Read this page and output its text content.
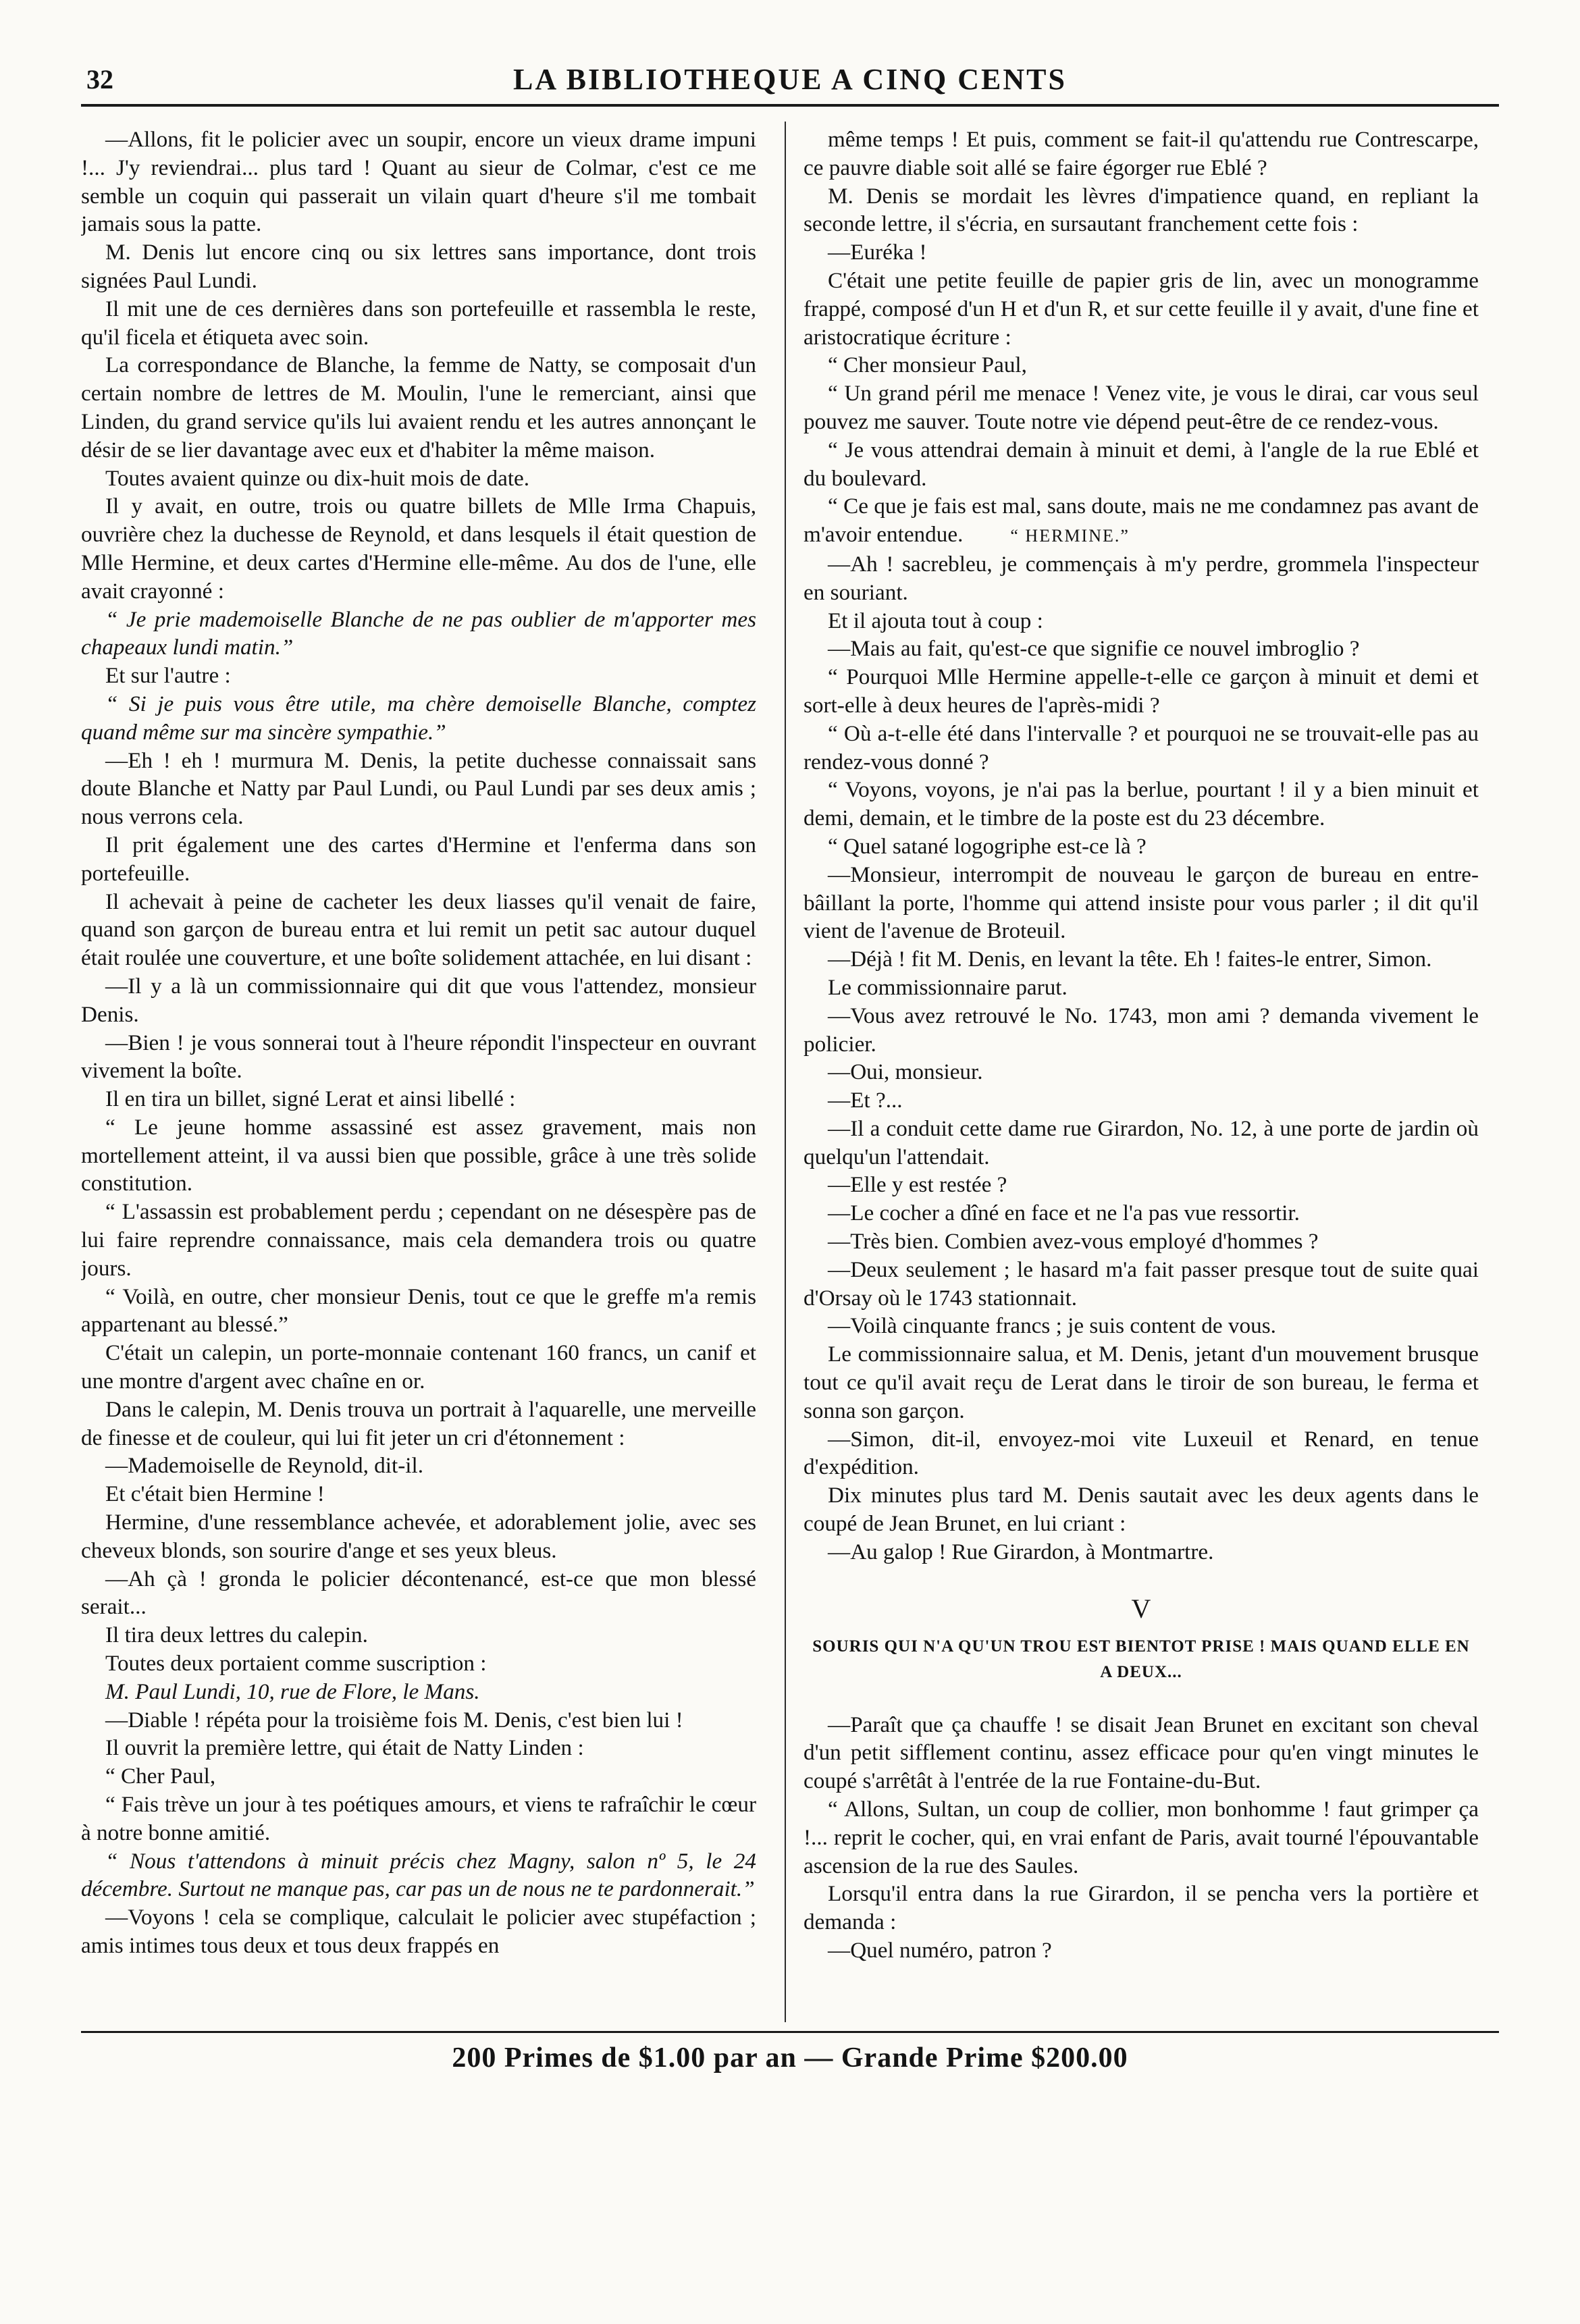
32	LA BIBLIOTHEQUE A CINQ CENTS

—Allons, fit le policier avec un soupir, encore un vieux drame impuni !... J'y reviendrai... plus tard ! Quant au sieur de Colmar, c'est ce me semble un coquin qui passerait un vilain quart d'heure s'il me tombait jamais sous la patte.

M. Denis lut encore cinq ou six lettres sans importance, dont trois signées Paul Lundi.

Il mit une de ces dernières dans son portefeuille et rassembla le reste, qu'il ficela et étiqueta avec soin.

La correspondance de Blanche, la femme de Natty, se composait d'un certain nombre de lettres de M. Moulin, l'une le remerciant, ainsi que Linden, du grand service qu'ils lui avaient rendu et les autres annonçant le désir de se lier davantage avec eux et d'habiter la même maison.

Toutes avaient quinze ou dix-huit mois de date.

Il y avait, en outre, trois ou quatre billets de Mlle Irma Chapuis, ouvrière chez la duchesse de Reynold, et dans lesquels il était question de Mlle Hermine, et deux cartes d'Hermine elle-même. Au dos de l'une, elle avait crayonné :

“ Je prie mademoiselle Blanche de ne pas oublier de m'apporter mes chapeaux lundi matin.”

Et sur l'autre :

“ Si je puis vous être utile, ma chère demoiselle Blanche, comptez quand même sur ma sincère sympathie.”

—Eh ! eh ! murmura M. Denis, la petite duchesse connaissait sans doute Blanche et Natty par Paul Lundi, ou Paul Lundi par ses deux amis ; nous verrons cela.

Il prit également une des cartes d'Hermine et l'enferma dans son portefeuille.

Il achevait à peine de cacheter les deux liasses qu'il venait de faire, quand son garçon de bureau entra et lui remit un petit sac autour duquel était roulée une couverture, et une boîte solidement attachée, en lui disant :

—Il y a là un commissionnaire qui dit que vous l'attendez, monsieur Denis.

—Bien ! je vous sonnerai tout à l'heure répondit l'inspecteur en ouvrant vivement la boîte.

Il en tira un billet, signé Lerat et ainsi libellé :

“ Le jeune homme assassiné est assez gravement, mais non mortellement atteint, il va aussi bien que possible, grâce à une très solide constitution.

“ L'assassin est probablement perdu ; cependant on ne désespère pas de lui faire reprendre connaissance, mais cela demandera trois ou quatre jours.

“ Voilà, en outre, cher monsieur Denis, tout ce que le greffe m'a remis appartenant au blessé.”

C'était un calepin, un porte-monnaie contenant 160 francs, un canif et une montre d'argent avec chaîne en or.

Dans le calepin, M. Denis trouva un portrait à l'aquarelle, une merveille de finesse et de couleur, qui lui fit jeter un cri d'étonnement :

—Mademoiselle de Reynold, dit-il.

Et c'était bien Hermine !

Hermine, d'une ressemblance achevée, et adorablement jolie, avec ses cheveux blonds, son sourire d'ange et ses yeux bleus.

—Ah çà ! gronda le policier décontenancé, est-ce que mon blessé serait...

Il tira deux lettres du calepin.

Toutes deux portaient comme suscription :

M. Paul Lundi, 10, rue de Flore, le Mans.

—Diable ! répéta pour la troisième fois M. Denis, c'est bien lui !

Il ouvrit la première lettre, qui était de Natty Linden :

“ Cher Paul,

“ Fais trève un jour à tes poétiques amours, et viens te rafraîchir le cœur à notre bonne amitié.

“ Nous t'attendons à minuit précis chez Magny, salon nº 5, le 24 décembre. Surtout ne manque pas, car pas un de nous ne te pardonnerait.”

—Voyons ! cela se complique, calculait le policier avec stupéfaction ; amis intimes tous deux et tous deux frappés en

même temps ! Et puis, comment se fait-il qu'attendu rue Contrescarpe, ce pauvre diable soit allé se faire égorger rue Eblé ?

M. Denis se mordait les lèvres d'impatience quand, en repliant la seconde lettre, il s'écria, en sursautant franchement cette fois :

—Euréka !

C'était une petite feuille de papier gris de lin, avec un monogramme frappé, composé d'un H et d'un R, et sur cette feuille il y avait, d'une fine et aristocratique écriture :

“ Cher monsieur Paul,

“ Un grand péril me menace ! Venez vite, je vous le dirai, car vous seul pouvez me sauver. Toute notre vie dépend peut-être de ce rendez-vous.

“ Je vous attendrai demain à minuit et demi, à l'angle de la rue Eblé et du boulevard.

“ Ce que je fais est mal, sans doute, mais ne me condamnez pas avant de m'avoir entendue.	“ HERMINE.”

—Ah ! sacrebleu, je commençais à m'y perdre, grommela l'inspecteur en souriant.

Et il ajouta tout à coup :

—Mais au fait, qu'est-ce que signifie ce nouvel imbroglio ?

“ Pourquoi Mlle Hermine appelle-t-elle ce garçon à minuit et demi et sort-elle à deux heures de l'après-midi ?

“ Où a-t-elle été dans l'intervalle ? et pourquoi ne se trouvait-elle pas au rendez-vous donné ?

“ Voyons, voyons, je n'ai pas la berlue, pourtant ! il y a bien minuit et demi, demain, et le timbre de la poste est du 23 décembre.

“ Quel satané logogriphe est-ce là ?

—Monsieur, interrompit de nouveau le garçon de bureau en entre-bâillant la porte, l'homme qui attend insiste pour vous parler ; il dit qu'il vient de l'avenue de Broteuil.

—Déjà ! fit M. Denis, en levant la tête. Eh ! faites-le entrer, Simon.

Le commissionnaire parut.

—Vous avez retrouvé le No. 1743, mon ami ? demanda vivement le policier.

—Oui, monsieur.

—Et ?...

—Il a conduit cette dame rue Girardon, No. 12, à une porte de jardin où quelqu'un l'attendait.

—Elle y est restée ?

—Le cocher a dîné en face et ne l'a pas vue ressortir.

—Très bien. Combien avez-vous employé d'hommes ?

—Deux seulement ; le hasard m'a fait passer presque tout de suite quai d'Orsay où le 1743 stationnait.

—Voilà cinquante francs ; je suis content de vous.

Le commissionnaire salua, et M. Denis, jetant d'un mouvement brusque tout ce qu'il avait reçu de Lerat dans le tiroir de son bureau, le ferma et sonna son garçon.

—Simon, dit-il, envoyez-moi vite Luxeuil et Renard, en tenue d'expédition.

Dix minutes plus tard M. Denis sautait avec les deux agents dans le coupé de Jean Brunet, en lui criant :

—Au galop ! Rue Girardon, à Montmartre.

V
SOURIS QUI N'A QU'UN TROU EST BIENTOT PRISE ! MAIS QUAND ELLE EN A DEUX...

—Paraît que ça chauffe ! se disait Jean Brunet en excitant son cheval d'un petit sifflement continu, assez efficace pour qu'en vingt minutes le coupé s'arrêtât à l'entrée de la rue Fontaine-du-But.

“ Allons, Sultan, un coup de collier, mon bonhomme ! faut grimper ça !... reprit le cocher, qui, en vrai enfant de Paris, avait tourné l'épouvantable ascension de la rue des Saules.

Lorsqu'il entra dans la rue Girardon, il se pencha vers la portière et demanda :

—Quel numéro, patron ?

200 Primes de $1.00 par an — Grande Prime $200.00
